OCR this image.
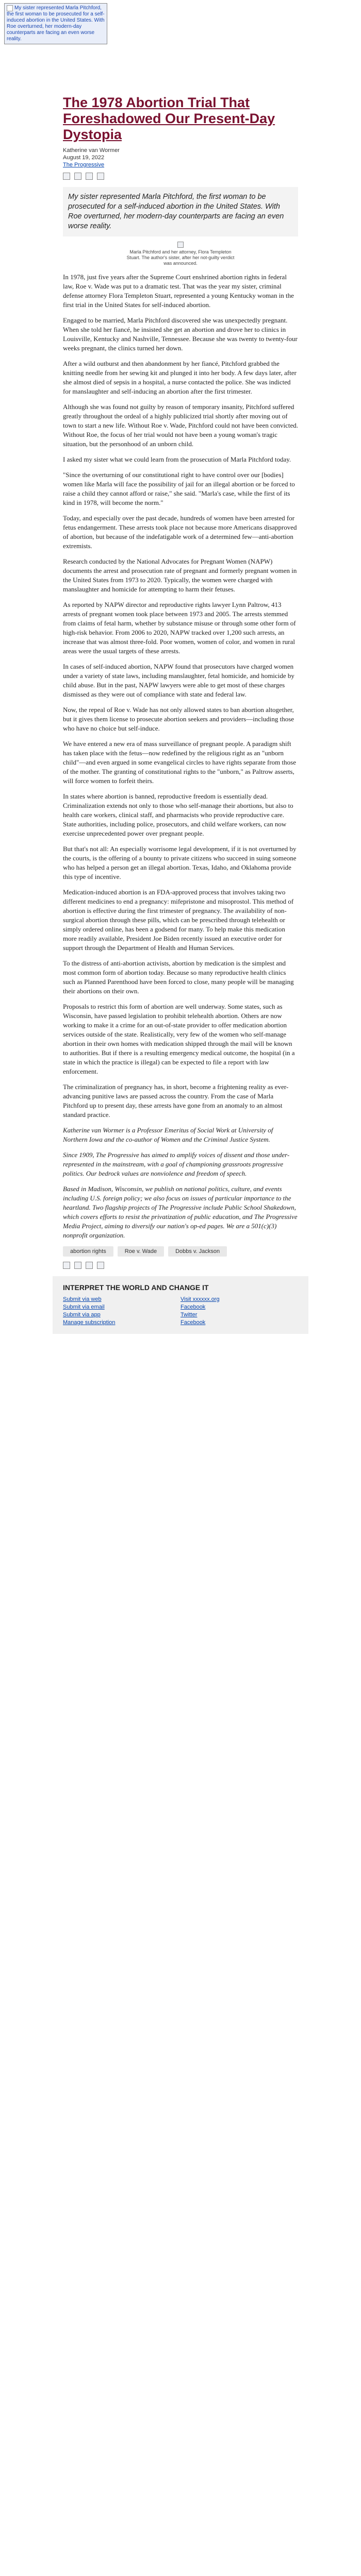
My sister represented Marla Pitchford, the first woman to be prosecuted for a self-induced abortion in the United States. With Roe overturned, her modern-day counterparts are facing an even worse reality.
The 1978 Abortion Trial That Foreshadowed Our Present-Day Dystopia
Katherine van Wormer
August 19, 2022
The Progressive
My sister represented Marla Pitchford, the first woman to be prosecuted for a self-induced abortion in the United States. With Roe overturned, her modern-day counterparts are facing an even worse reality.

Marla Pitchford and her attorney, Flora Templeton Stuart. The author's sister, after her not-guilty verdict was announced.

In 1978, just five years after the Supreme Court enshrined abortion rights in federal law, Roe v. Wade was put to a dramatic test. That was the year my sister, criminal defense attorney Flora Templeton Stuart, represented a young Kentucky woman in the first trial in the United States for self-induced abortion.

Engaged to be married, Marla Pitchford discovered she was unexpectedly pregnant. When she told her fiancé, he insisted she get an abortion and drove her to clinics in Louisville, Kentucky and Nashville, Tennessee. Because she was twenty to twenty-four weeks pregnant, the clinics turned her down.

After a wild outburst and then abandonment by her fiancé, Pitchford grabbed the knitting needle from her sewing kit and plunged it into her body. A few days later, after she almost died of sepsis in a hospital, a nurse contacted the police. She was indicted for manslaughter and self-inducing an abortion after the first trimester.

Although she was found not guilty by reason of temporary insanity, Pitchford suffered greatly throughout the ordeal of a highly publicized trial shortly after moving out of town to start a new life. Without Roe v. Wade, Pitchford could not have been convicted. Without Roe, the focus of her trial would not have been a young woman's tragic situation, but the personhood of an unborn child.

I asked my sister what we could learn from the prosecution of Marla Pitchford today.

"Since the overturning of our constitutional right to have control over our [bodies] women like Marla will face the possibility of jail for an illegal abortion or be forced to raise a child they cannot afford or raise," she said. "Marla's case, while the first of its kind in 1978, will become the norm."

Today, and especially over the past decade, hundreds of women have been arrested for fetus endangerment. These arrests took place not because more Americans disapproved of abortion, but because of the indefatigable work of a determined few—anti-abortion extremists.

Research conducted by the National Advocates for Pregnant Women (NAPW) documents the arrest and prosecution rate of pregnant and formerly pregnant women in the United States from 1973 to 2020. Typically, the women were charged with manslaughter and homicide for attempting to harm their fetuses.

As reported by NAPW director and reproductive rights lawyer Lynn Paltrow, 413 arrests of pregnant women took place between 1973 and 2005. The arrests stemmed from claims of fetal harm, whether by substance misuse or through some other form of high-risk behavior. From 2006 to 2020, NAPW tracked over 1,200 such arrests, an increase that was almost three-fold. Poor women, women of color, and women in rural areas were the usual targets of these arrests.

In cases of self-induced abortion, NAPW found that prosecutors have charged women under a variety of state laws, including manslaughter, fetal homicide, and homicide by child abuse. But in the past, NAPW lawyers were able to get most of these charges dismissed as they were out of compliance with state and federal law.

Now, the repeal of Roe v. Wade has not only allowed states to ban abortion altogether, but it gives them license to prosecute abortion seekers and providers—including those who have no choice but self-induce.

We have entered a new era of mass surveillance of pregnant people. A paradigm shift has taken place with the fetus—now redefined by the religious right as an "unborn child"—and even argued in some evangelical circles to have rights separate from those of the mother. The granting of constitutional rights to the "unborn," as Paltrow asserts, will force women to forfeit theirs.

In states where abortion is banned, reproductive freedom is essentially dead. Criminalization extends not only to those who self-manage their abortions, but also to health care workers, clinical staff, and pharmacists who provide reproductive care. State authorities, including police, prosecutors, and child welfare workers, can now exercise unprecedented power over pregnant people.

But that's not all: An especially worrisome legal development, if it is not overturned by the courts, is the offering of a bounty to private citizens who succeed in suing someone who has helped a person get an illegal abortion. Texas, Idaho, and Oklahoma provide this type of incentive.

Medication-induced abortion is an FDA-approved process that involves taking two different medicines to end a pregnancy: mifepristone and misoprostol. This method of abortion is effective during the first trimester of pregnancy. The availability of non-surgical abortion through these pills, which can be prescribed through telehealth or simply ordered online, has been a godsend for many. To help make this medication more readily available, President Joe Biden recently issued an executive order for support through the Department of Health and Human Services.

To the distress of anti-abortion activists, abortion by medication is the simplest and most common form of abortion today. Because so many reproductive health clinics such as Planned Parenthood have been forced to close, many people will be managing their abortions on their own.

Proposals to restrict this form of abortion are well underway. Some states, such as Wisconsin, have passed legislation to prohibit telehealth abortion. Others are now working to make it a crime for an out-of-state provider to offer medication abortion services outside of the state. Realistically, very few of the women who self-manage abortion in their own homes with medication shipped through the mail will be known to authorities. But if there is a resulting emergency medical outcome, the hospital (in a state in which the practice is illegal) can be expected to file a report with law enforcement.

The criminalization of pregnancy has, in short, become a frightening reality as ever-advancing punitive laws are passed across the country. From the case of Marla Pitchford up to present day, these arrests have gone from an anomaly to an almost standard practice.

Katherine van Wormer is a Professor Emeritus of Social Work at University of Northern Iowa and the co-author of Women and the Criminal Justice System.

Since 1909, The Progressive has aimed to amplify voices of dissent and those under-represented in the mainstream, with a goal of championing grassroots progressive politics. Our bedrock values are nonviolence and freedom of speech.

Based in Madison, Wisconsin, we publish on national politics, culture, and events including U.S. foreign policy; we also focus on issues of particular importance to the heartland. Two flagship projects of The Progressive include Public School Shakedown, which covers efforts to resist the privatization of public education, and The Progressive Media Project, aiming to diversify our nation's op-ed pages. We are a 501(c)(3) nonprofit organization.

abortion rights	Roe v. Wade	Dobbs v. Jackson
INTERPRET THE WORLD AND CHANGE IT
Submit via web
Submit via email
Submit via app
Manage subscription
Visit xxxxxx.org
Facebook
Twitter
Facebook
